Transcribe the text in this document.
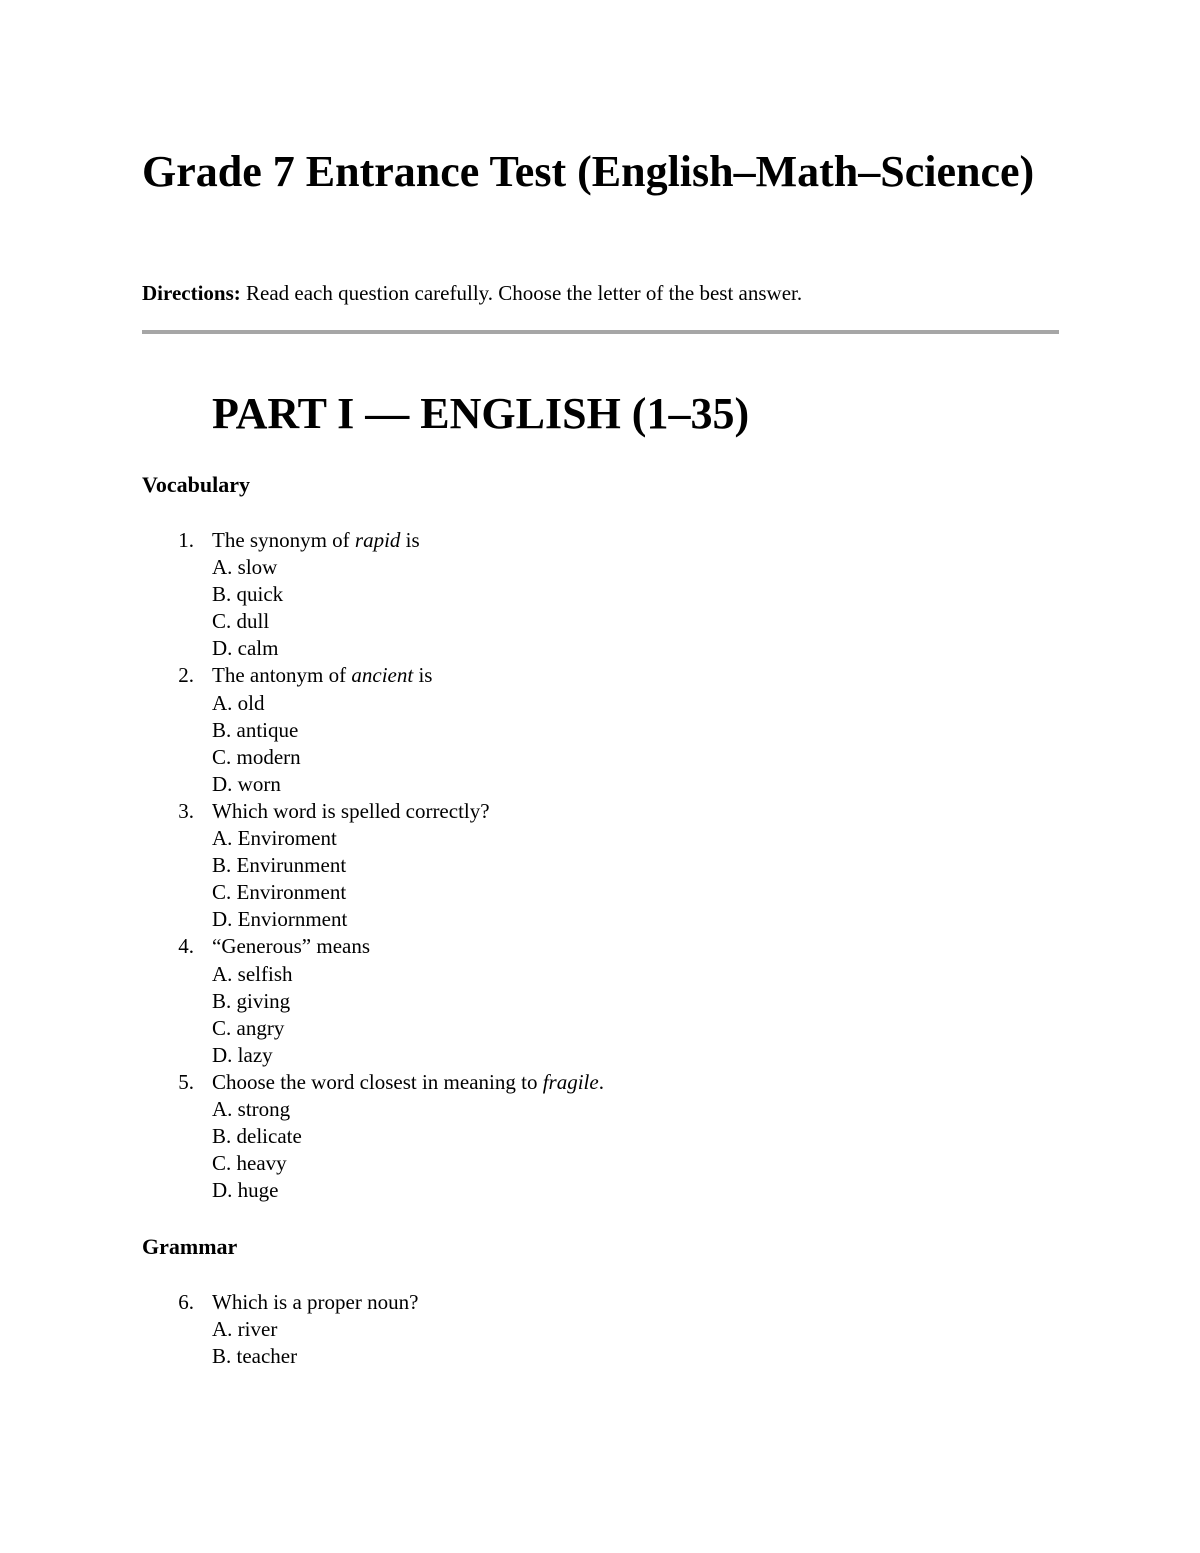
Grade 7 Entrance Test (English–Math–Science)

Directions: Read each question carefully. Choose the letter of the best answer.

PART I — ENGLISH (1–35)
Vocabulary
1. The synonym of rapid is
A. slow
B. quick
C. dull
D. calm
2. The antonym of ancient is
A. old
B. antique
C. modern
D. worn
3. Which word is spelled correctly?
A. Enviroment
B. Envirunment
C. Environment
D. Enviornment
4. “Generous” means
A. selfish
B. giving
C. angry
D. lazy
5. Choose the word closest in meaning to fragile.
A. strong
B. delicate
C. heavy
D. huge
Grammar
6. Which is a proper noun?
A. river
B. teacher
